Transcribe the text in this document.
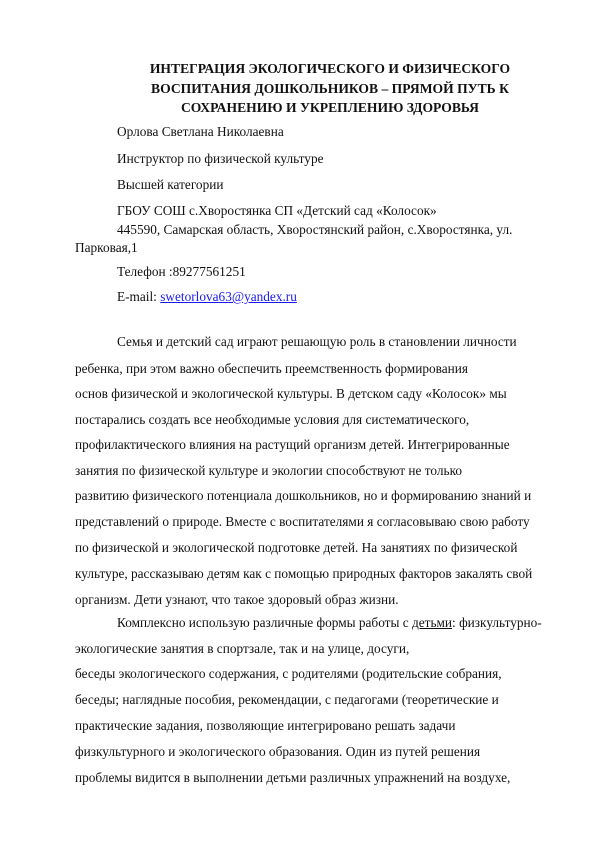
ИНТЕГРАЦИЯ ЭКОЛОГИЧЕСКОГО И ФИЗИЧЕСКОГО
ВОСПИТАНИЯ ДОШКОЛЬНИКОВ – ПРЯМОЙ ПУТЬ К
СОХРАНЕНИЮ И УКРЕПЛЕНИЮ ЗДОРОВЬЯ
Орлова Светлана Николаевна
Инструктор по физической культуре
Высшей категории
ГБОУ СОШ с.Хворостянка СП «Детский сад «Колосок»
445590, Самарская область, Хворостянский район, с.Хворостянка, ул.
Парковая,1
Телефон :89277561251
E-mail: swetorlova63@yandex.ru
Семья и детский сад играют решающую роль в становлении личности
ребенка, при этом важно обеспечить преемственность формирования
основ физической и экологической культуры. В детском саду «Колосок» мы
постарались создать все необходимые условия для систематического,
профилактического влияния на растущий организм детей. Интегрированные
занятия по физической культуре и экологии способствуют не только
развитию физического потенциала дошкольников, но и формированию знаний и
представлений о природе. Вместе с воспитателями я согласовываю свою работу
по физической и экологической подготовке детей. На занятиях по физической
культуре, рассказываю детям как с помощью природных факторов закалять свой
организм. Дети узнают, что такое здоровый образ жизни.
Комплексно использую различные формы работы с детьми: физкультурно-
экологические занятия в спортзале, так и на улице, досуги,
беседы экологического содержания, с родителями (родительские собрания,
беседы; наглядные пособия, рекомендации, с педагогами (теоретические и
практические задания, позволяющие интегрировано решать задачи
физкультурного и экологического образования. Один из путей решения
проблемы видится в выполнении детьми различных упражнений на воздухе,
